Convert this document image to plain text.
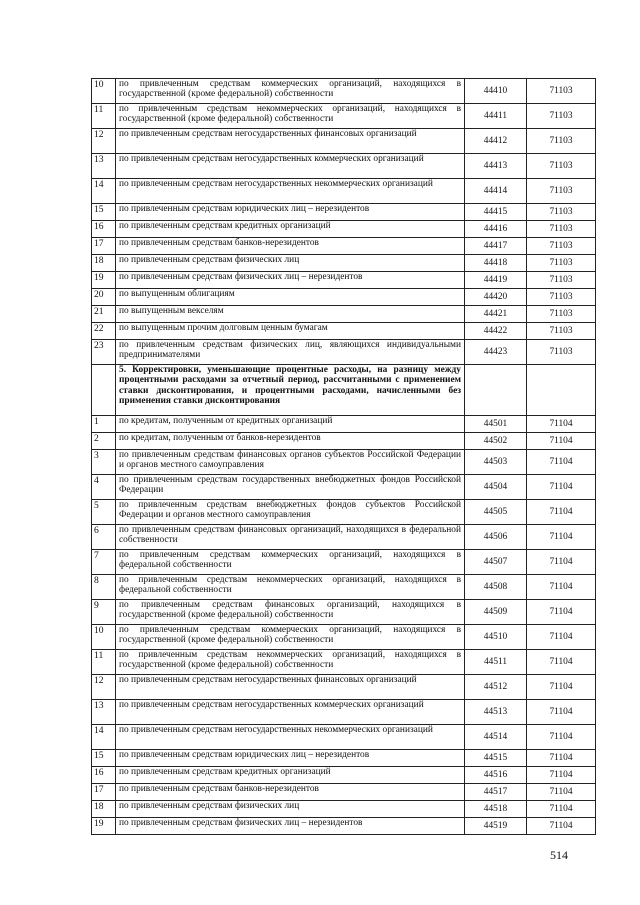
10	по привлеченным средствам коммерческих организаций, находящихся в государственной (кроме федеральной) собственности	44410	71103
11	по привлеченным средствам некоммерческих организаций, находящихся в государственной (кроме федеральной) собственности	44411	71103
12	по привлеченным средствам негосударственных финансовых организаций	44412	71103
13	по привлеченным средствам негосударственных коммерческих организаций	44413	71103
14	по привлеченным средствам негосударственных некоммерческих организаций	44414	71103
15	по привлеченным средствам юридических лиц – нерезидентов	44415	71103
16	по привлеченным средствам кредитных организаций	44416	71103
17	по привлеченным средствам банков-нерезидентов	44417	71103
18	по привлеченным средствам физических лиц	44418	71103
19	по привлеченным средствам физических лиц – нерезидентов	44419	71103
20	по выпущенным облигациям	44420	71103
21	по выпущенным векселям	44421	71103
22	по выпущенным прочим долговым ценным бумагам	44422	71103
23	по привлеченным средствам физических лиц, являющихся индивидуальными предпринимателями	44423	71103
	5. Корректировки, уменьшающие процентные расходы, на разницу между процентными расходами за отчетный период, рассчитанными с применением ставки дисконтирования, и процентными расходами, начисленными без применения ставки дисконтирования		
1	по кредитам, полученным от кредитных организаций	44501	71104
2	по кредитам, полученным от банков-нерезидентов	44502	71104
3	по привлеченным средствам финансовых органов субъектов Российской Федерации и органов местного самоуправления	44503	71104
4	по привлеченным средствам государственных внебюджетных фондов Российской Федерации	44504	71104
5	по привлеченным средствам внебюджетных фондов субъектов Российской Федерации и органов местного самоуправления	44505	71104
6	по привлеченным средствам финансовых организаций, находящихся в федеральной собственности	44506	71104
7	по привлеченным средствам коммерческих организаций, находящихся в федеральной собственности	44507	71104
8	по привлеченным средствам некоммерческих организаций, находящихся в федеральной собственности	44508	71104
9	по привлеченным средствам финансовых организаций, находящихся в государственной (кроме федеральной) собственности	44509	71104
10	по привлеченным средствам коммерческих организаций, находящихся в государственной (кроме федеральной) собственности	44510	71104
11	по привлеченным средствам некоммерческих организаций, находящихся в государственной (кроме федеральной) собственности	44511	71104
12	по привлеченным средствам негосударственных финансовых организаций	44512	71104
13	по привлеченным средствам негосударственных коммерческих организаций	44513	71104
14	по привлеченным средствам негосударственных некоммерческих организаций	44514	71104
15	по привлеченным средствам юридических лиц – нерезидентов	44515	71104
16	по привлеченным средствам кредитных организаций	44516	71104
17	по привлеченным средствам банков-нерезидентов	44517	71104
18	по привлеченным средствам физических лиц	44518	71104
19	по привлеченным средствам физических лиц – нерезидентов	44519	71104
514
